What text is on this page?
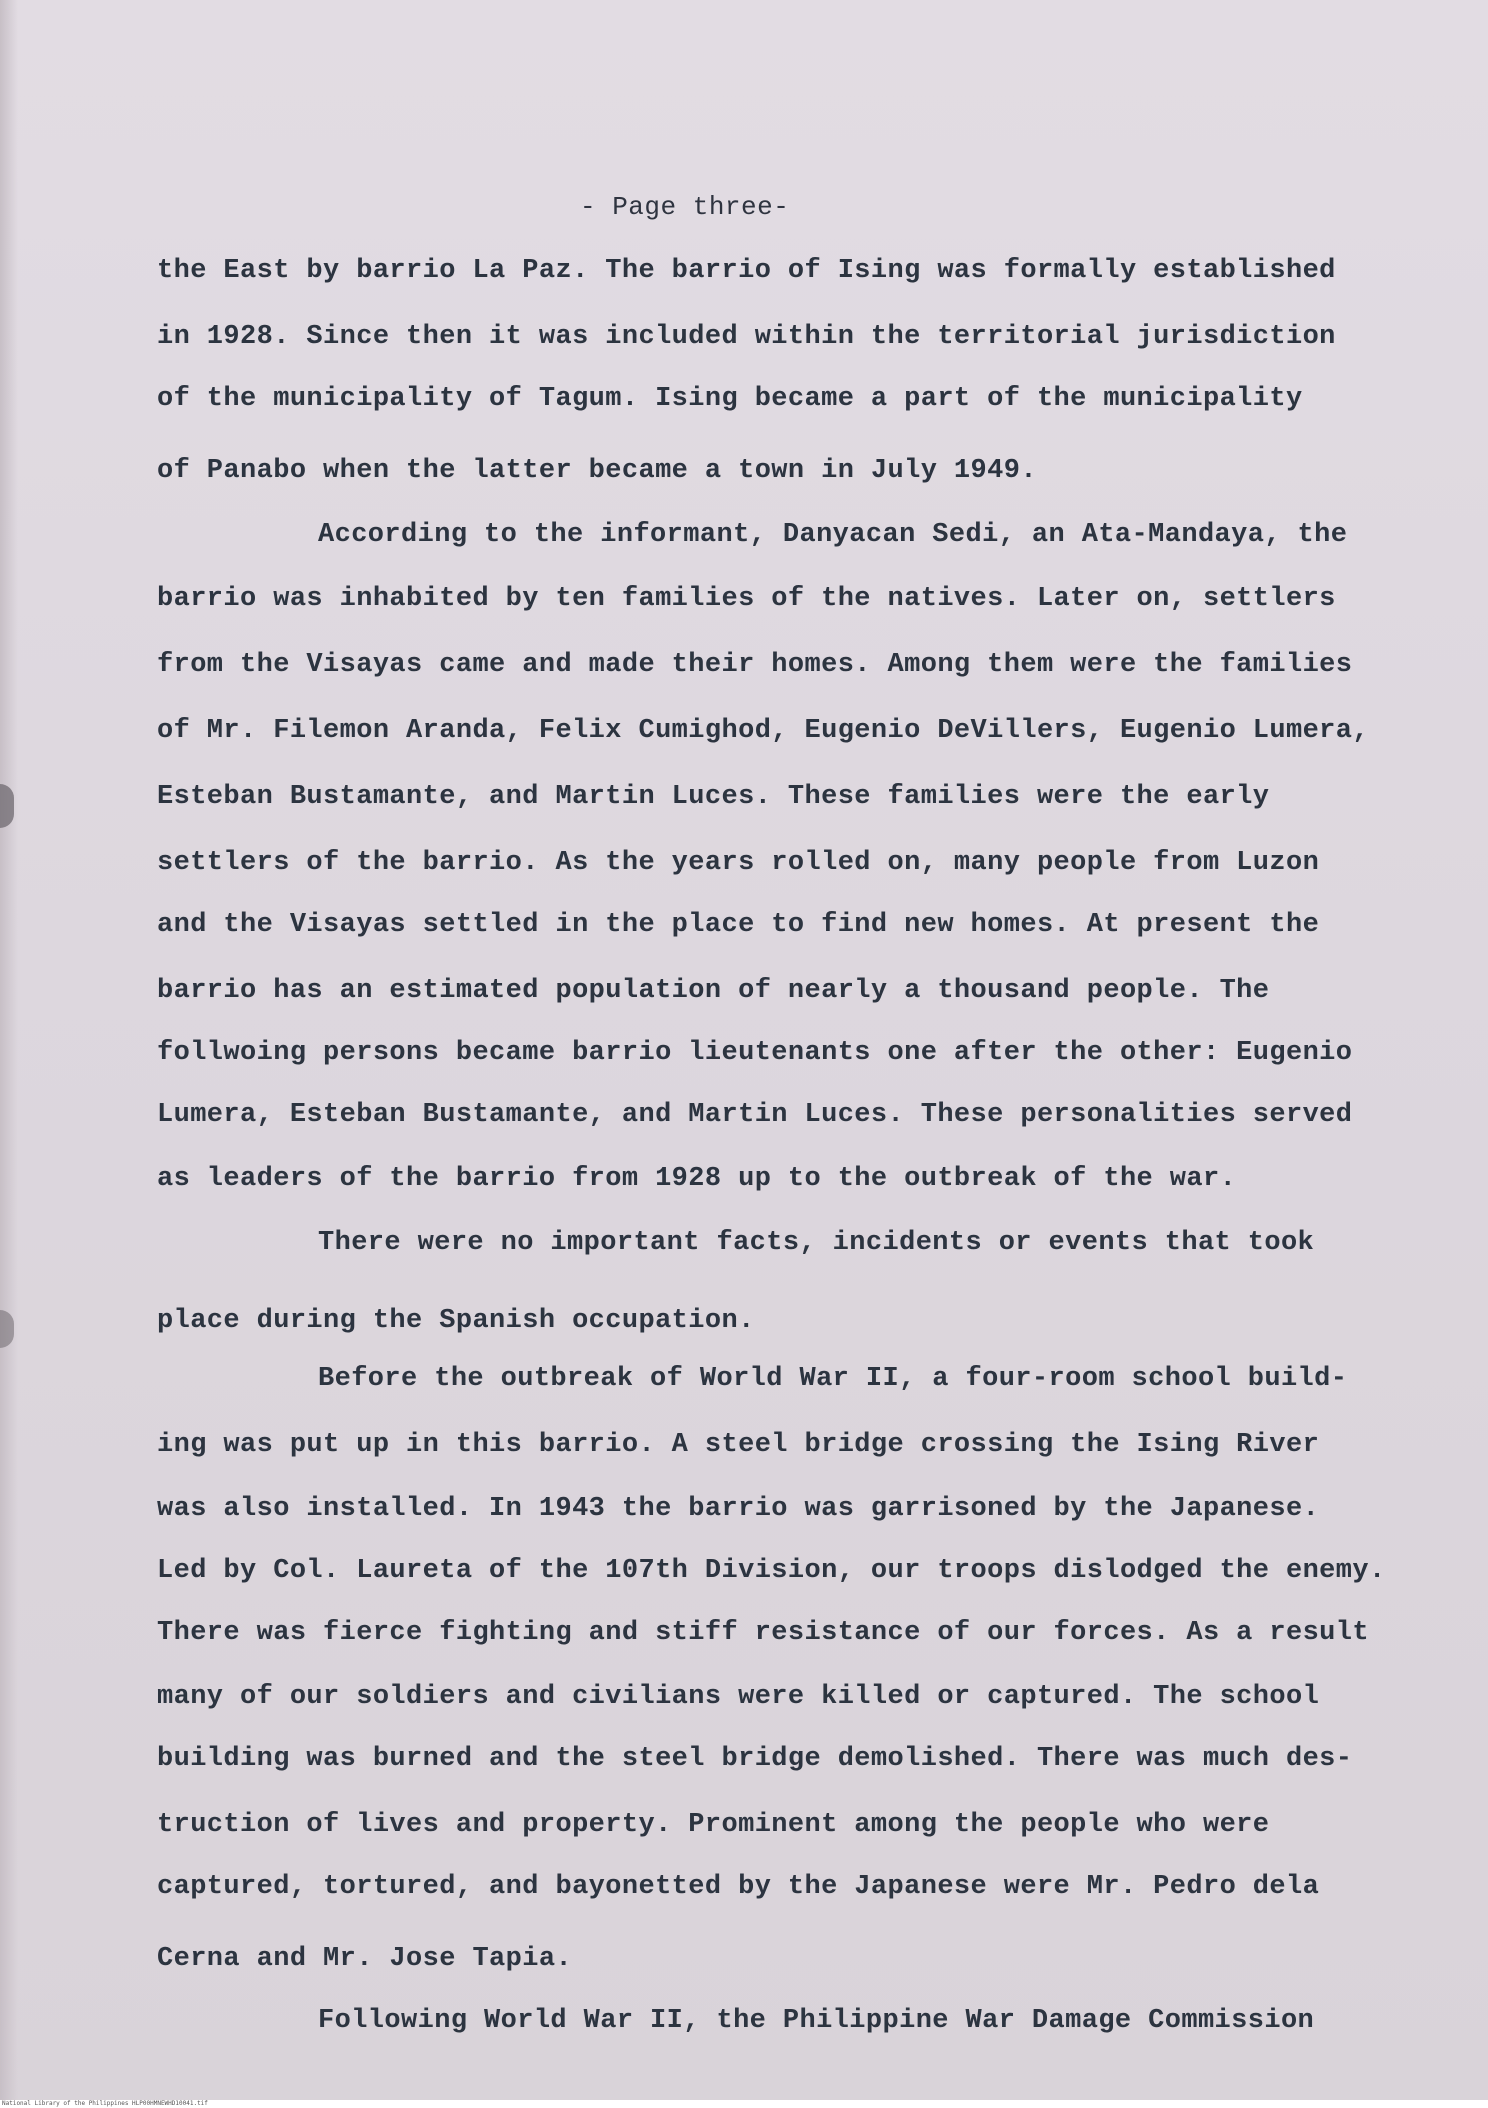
- Page three-
the East by barrio La Paz. The barrio of Ising was formally established
in 1928. Since then it was included within the territorial jurisdiction
of the municipality of Tagum. Ising became a part of the municipality
of Panabo when the latter became a town in July 1949.
According to the informant, Danyacan Sedi, an Ata-Mandaya, the
barrio was inhabited by ten families of the natives. Later on, settlers
from the Visayas came and made their homes. Among them were the families
of Mr. Filemon Aranda, Felix Cumighod, Eugenio DeVillers, Eugenio Lumera,
Esteban Bustamante, and Martin Luces. These families were the early
settlers of the barrio. As the years rolled on, many people from Luzon
and the Visayas settled in the place to find new homes. At present the
barrio has an estimated population of nearly a thousand people. The
follwoing persons became barrio lieutenants one after the other: Eugenio
Lumera, Esteban Bustamante, and Martin Luces. These personalities served
as leaders of the barrio from 1928 up to the outbreak of the war.
There were no important facts, incidents or events that took
place during the Spanish occupation.
Before the outbreak of World War II, a four-room school build-
ing was put up in this barrio. A steel bridge crossing the Ising River
was also installed. In 1943 the barrio was garrisoned by the Japanese.
Led by Col. Laureta of the 107th Division, our troops dislodged the enemy.
There was fierce fighting and stiff resistance of our forces. As a result
many of our soldiers and civilians were killed or captured. The school
building was burned and the steel bridge demolished. There was much des-
truction of lives and property. Prominent among the people who were
captured, tortured, and bayonetted by the Japanese were Mr. Pedro dela
Cerna and Mr. Jose Tapia.
Following World War II, the Philippine War Damage Commission
National Library of the Philippines HLP00HMNEWHD10041.tif
